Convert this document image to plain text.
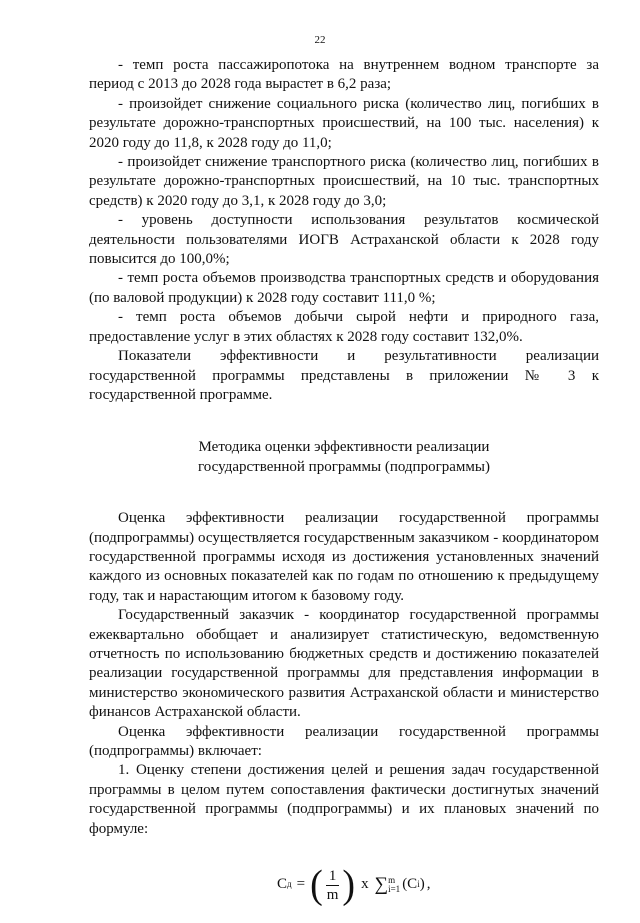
22

- темп роста пассажиропотока на внутреннем водном транспорте за период с 2013 до 2028 года вырастет в 6,2 раза;

- произойдет снижение социального риска (количество лиц, погибших в результате дорожно-транспортных происшествий, на 100 тыс. населения) к 2020 году до 11,8, к 2028 году до 11,0;

- произойдет снижение транспортного риска (количество лиц, погибших в результате дорожно-транспортных происшествий, на 10 тыс. транспортных средств) к 2020 году до 3,1, к 2028 году до 3,0;

- уровень доступности использования результатов космической деятельности пользователями ИОГВ Астраханской области к 2028 году повысится до 100,0%;

- темп роста объемов производства транспортных средств и оборудования (по валовой продукции) к 2028 году составит 111,0 %;

- темп роста объемов добычи сырой нефти и природного газа, предоставление услуг в этих областях к 2028 году составит 132,0%.

Показатели эффективности и результативности реализации государственной программы представлены в приложении № 3 к государственной программе.

Методика оценки эффективности реализации
государственной программы (подпрограммы)

Оценка эффективности реализации государственной программы (подпрограммы) осуществляется государственным заказчиком - координатором государственной программы исходя из достижения установленных значений каждого из основных показателей как по годам по отношению к предыдущему году, так и нарастающим итогом к базовому году.

Государственный заказчик - координатор государственной программы ежеквартально обобщает и анализирует статистическую, ведомственную отчетность по использованию бюджетных средств и достижению показателей реализации государственной программы для представления информации в министерство экономического развития Астраханской области и министерство финансов Астраханской области.

Оценка эффективности реализации государственной программы (подпрограммы) включает:

1. Оценку степени достижения целей и решения задач государственной программы в целом путем сопоставления фактически достигнутых значений государственной программы (подпрограммы) и их плановых значений по формуле:

C д = ( $\frac{1}{m}$ ) x ∑ m
i=1 (C i ) ,
